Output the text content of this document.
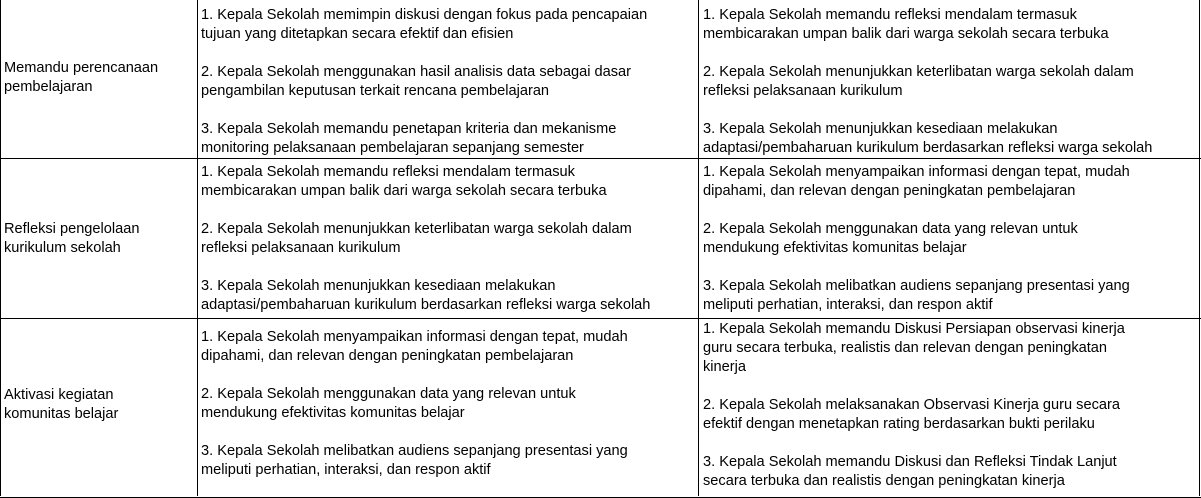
Memandu perencanaan
pembelajaran
1. Kepala Sekolah memimpin diskusi dengan fokus pada pencapaian
tujuan yang ditetapkan secara efektif dan efisien
2. Kepala Sekolah menggunakan hasil analisis data sebagai dasar
pengambilan keputusan terkait rencana pembelajaran
3. Kepala Sekolah memandu penetapan kriteria dan mekanisme
monitoring pelaksanaan pembelajaran sepanjang semester
1. Kepala Sekolah memandu refleksi mendalam termasuk
membicarakan umpan balik dari warga sekolah secara terbuka
2. Kepala Sekolah menunjukkan keterlibatan warga sekolah dalam
refleksi pelaksanaan kurikulum
3. Kepala Sekolah menunjukkan kesediaan melakukan
adaptasi/pembaharuan kurikulum berdasarkan refleksi warga sekolah
Refleksi pengelolaan
kurikulum sekolah
1. Kepala Sekolah memandu refleksi mendalam termasuk
membicarakan umpan balik dari warga sekolah secara terbuka
2. Kepala Sekolah menunjukkan keterlibatan warga sekolah dalam
refleksi pelaksanaan kurikulum
3. Kepala Sekolah menunjukkan kesediaan melakukan
adaptasi/pembaharuan kurikulum berdasarkan refleksi warga sekolah
1. Kepala Sekolah menyampaikan informasi dengan tepat, mudah
dipahami, dan relevan dengan peningkatan pembelajaran
2. Kepala Sekolah menggunakan data yang relevan untuk
mendukung efektivitas komunitas belajar
3. Kepala Sekolah melibatkan audiens sepanjang presentasi yang
meliputi perhatian, interaksi, dan respon aktif
Aktivasi kegiatan
komunitas belajar
1. Kepala Sekolah menyampaikan informasi dengan tepat, mudah
dipahami, dan relevan dengan peningkatan pembelajaran
2. Kepala Sekolah menggunakan data yang relevan untuk
mendukung efektivitas komunitas belajar
3. Kepala Sekolah melibatkan audiens sepanjang presentasi yang
meliputi perhatian, interaksi, dan respon aktif
1. Kepala Sekolah memandu Diskusi Persiapan observasi kinerja
guru secara terbuka, realistis dan relevan dengan peningkatan
kinerja
2. Kepala Sekolah melaksanakan Observasi Kinerja guru secara
efektif dengan menetapkan rating berdasarkan bukti perilaku
3. Kepala Sekolah memandu Diskusi dan Refleksi Tindak Lanjut
secara terbuka dan realistis dengan peningkatan kinerja
